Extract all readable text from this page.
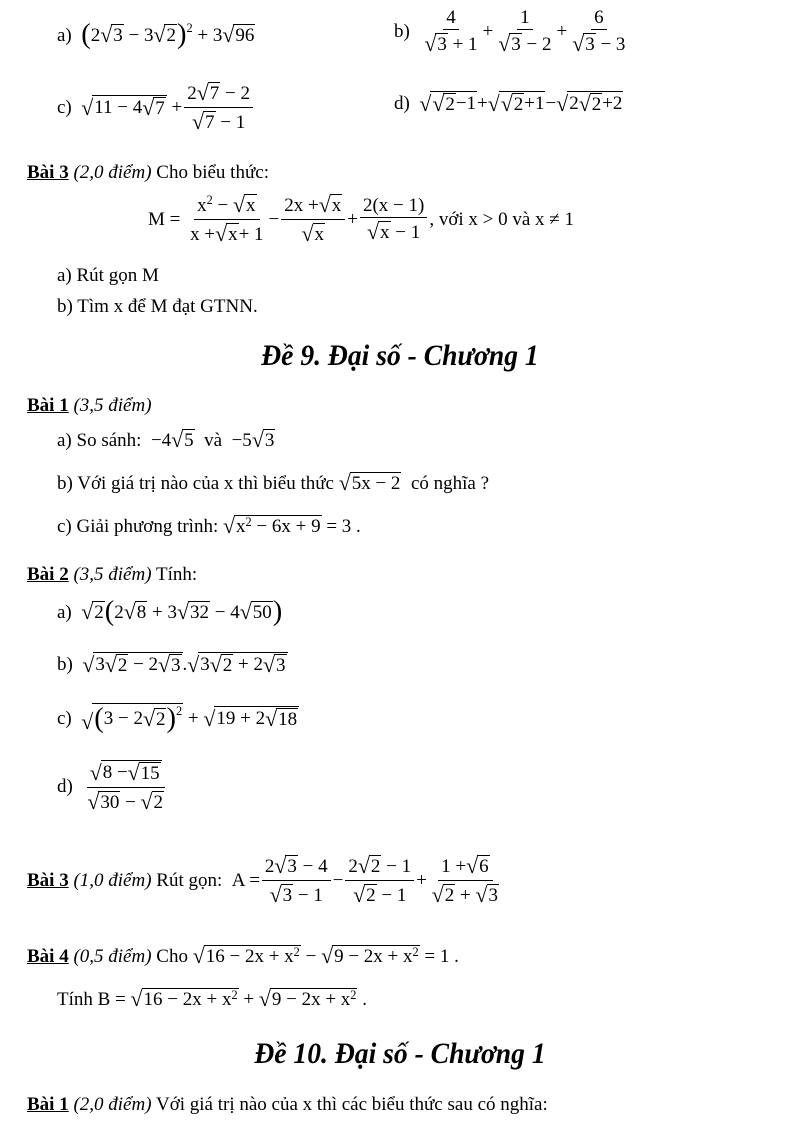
a)
( 2 √ 3 − 3 √ 2 ) 2 + 3 √ 96	b)
$\frac{4}{√ 3 + 1} + \frac{1}{√ 3 - 2} + \frac{6}{√ 3 - 3}$
c)
√ 11 − 4 √ $7 + \frac{2 √ 7 - 2}{√ 7 - 1}$	d)
√ √ 2 −1 + √ √ 2 +1 − √ 2 √ 2 +2
Bài 3 (2,0 điểm) Cho biểu thức:
M =
$\frac{x 2 - √ x}{x + √ x + 1} - \frac{2x + √ x}{√ x} + \frac{2(x - 1)}{√ x - 1}$ , với x > 0 và x ≠ 1
a) Rút gọn M
b) Tìm x để M đạt GTNN.
Đề 9. Đại số - Chương 1
Bài 1 (3,5 điểm)
a) So sánh: −4 √ 5
và −5 √ 3
b) Với giá trị nào của x thì biểu thức
√ 5x − 2
có nghĩa ?
c) Giải phương trình:
√ x 2 − 6x + 9 = 3 .
Bài 2 (3,5 điểm) Tính:
a)
√ 2 ( 2 √ 8 + 3 √ 32 − 4 √ 50 )
b)
√ 3 √ 2 − 2 √ 3 . √ 3 √ 2 + 2 √ 3
c)
√ ( 3 − 2 √ 2 ) 2 + √ 19 + 2 √ 18
d)
$\frac{√ 8 - √ 15}{√ 30 - √ 2}$
Bài 3
(1,0 điểm)
Rút gọn:
$A = \frac{2 √ 3 - 4}{√ 3 - 1} - \frac{2 √ 2 - 1}{√ 2 - 1} + \frac{1 + √ 6}{√ 2 + √ 3}$
Bài 4
(0,5 điểm)
Cho
√ 16 − 2x + x 2 − √ 9 − 2x + x 2 = 1 .
Tính
B =
√ 16 − 2x + x 2 + √ 9 − 2x + x 2 .
Đề 10. Đại số - Chương 1
Bài 1 (2,0 điểm) Với giá trị nào của x thì các biểu thức sau có nghĩa:
